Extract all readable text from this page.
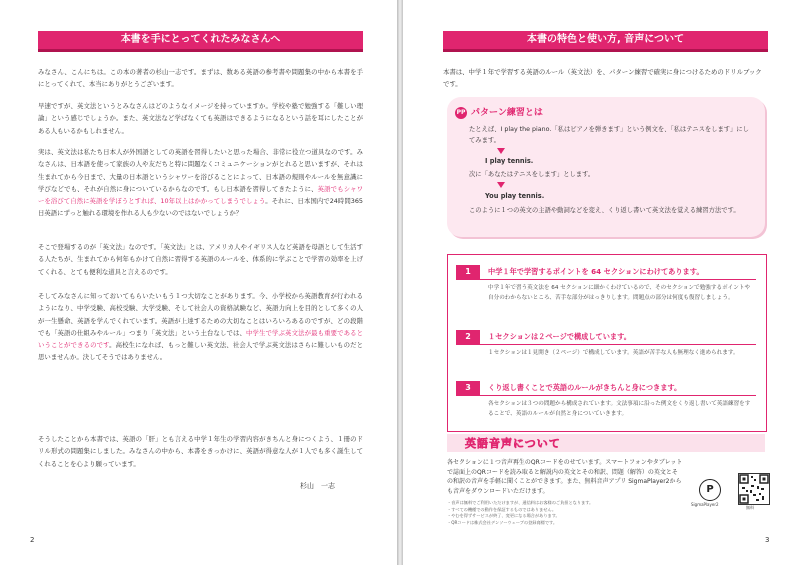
本書を手にとってくれたみなさんへ

みなさん、こんにちは。この本の著者の杉山一志です。まずは、数ある英語の参考書や問題集の中から本書を手にとってくれて、本当にありがとうございます。

早速ですが、英文法というとみなさんはどのようなイメージを持っていますか。学校や塾で勉強する「難しい理論」という感じでしょうか。また、英文法など学ばなくても英語はできるようになるという話を耳にしたことがある人もいるかもしれません。

実は、英文法は私たち日本人が外国語としての英語を習得したいと思った場合、非常に役立つ道具なのです。みなさんは、日本語を使って家族の人や友だちと特に問題なくコミュニケーションがとれると思いますが、それは生まれてから今日まで、大量の日本語というシャワーを浴びることによって、日本語の規則やルールを無意識に学びなどでも、それが自然に身についているからなのです。もし日本語を習得してきたように、英語でもシャワーを浴びて自然に英語を学ぼうとすれば、10年以上はかかってしまうでしょう。それに、日本国内で24時間365日英語にずっと触れる環境を作れる人も少ないのではないでしょうか？

そこで登場するのが「英文法」なのです。「英文法」とは、アメリカ人やイギリス人など英語を母語として生活する人たちが、生まれてから何年もかけて自然に習得する英語のルールを、体系的に学ぶことで学習の効率を上げてくれる、とても便利な道具と言えるのです。

そしてみなさんに知っておいてもらいたいもう１つ大切なことがあります。今、小学校から英語教育が行われるようになり、中学受験、高校受験、大学受験、そして社会人の資格試験など、英語力向上を目的として多くの人が一生懸命、英語を学んでくれています。英語が上達するための大切なことはいろいろあるのですが、どの段階でも「英語の仕組みやルール」つまり「英文法」という土台なしでは、中学生で学ぶ英文法が最も重要であるということができるのです。高校生になれば、もっと難しい英文法、社会人で学ぶ英文法はさらに難しいものだと思いませんか。決してそうではありません。

そうしたことから本書では、英語の「肝」とも言える中学１年生の学習内容がきちんと身につくよう、１冊のドリル形式の問題集にしました。みなさんの中から、本書をきっかけに、英語が得意な人が１人でも多く誕生してくれることを心より願っています。

杉山　一志
2
本書の特色と使い方, 音声について

本書は、中学１年で学習する英語のルール（英文法）を、パターン練習で確実に身につけるためのドリルブックです。

PP パターン練習とは

たとえば、I play the piano.「私はピアノを弾きます」という例文を、「私はテニスをします」にしてみます。

I play tennis.

次に「あなたはテニスをします」とします。

You play tennis.

このように１つの英文の主語や動詞などを変え、くり返し書いて英文法を覚える練習方法です。

1 中学１年で学習するポイントを 64 セクションにわけてあります。

中学１年で習う英文法を 64 セクションに細かくわけているので、そのセクションで勉強するポイントや自分のわからないところ、苦手な部分がはっきりします。問題点の部分は何度も復習しましょう。

2 １セクションは２ページで構成しています。

１セクションは１見開き（２ページ）で構成しています。英語が苦手な人も無理なく進められます。

3 くり返し書くことで英語のルールがきちんと身につきます。

各セクションは３つの問題から構成されています。文法事項に沿った例文をくり返し書いて英語練習をすることで、英語のルールが自然と身についていきます。

英語音声について

各セクションに１つ音声再生のQRコードをのせています。スマートフォンやタブレットで誌面上のQRコードを読み取ると解説内の英文とその和訳、問題（解答）の英文とその和訳の音声を手軽に聞くことができます。また、無料音声アプリ SigmaPlayer2からも音声をダウンロードいただけます。

・音声は無料でご利用いただけますが、通信料はお客様のご負担となります。
・すべての機種での動作を保証するものではありません。
・やむを得ずサービスが終了、変更になる場合があります。
・QRコードは株式会社デンソーウェーブの登録商標です。

P
SigmaPlayer2
無料
3
